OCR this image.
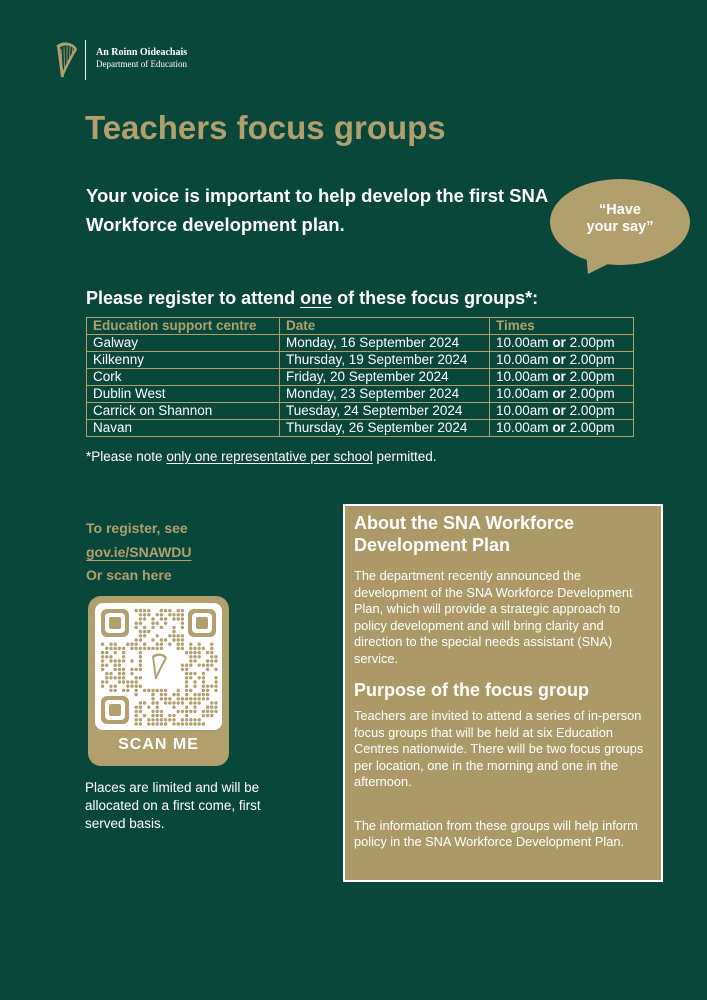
An Roinn Oideachais
Department of Education
Teachers focus groups

Your voice is important to help develop the first SNA Workforce development plan.

“Have
your say”
Please register to attend one of these focus groups*:
Education support centre	Date	Times
Galway	Monday, 16 September 2024	10.00am or 2.00pm
Kilkenny	Thursday, 19 September 2024	10.00am or 2.00pm
Cork	Friday, 20 September 2024	10.00am or 2.00pm
Dublin West	Monday, 23 September 2024	10.00am or 2.00pm
Carrick on Shannon	Tuesday, 24 September 2024	10.00am or 2.00pm
Navan	Thursday, 26 September 2024	10.00am or 2.00pm
*Please note only one representative per school permitted.
To register, see
gov.ie/SNAWDU
Or scan here
SCAN ME

Places are limited and will be allocated on a first come, first served basis.

About the SNA Workforce Development Plan

The department recently announced the development of the SNA Workforce Development Plan, which will provide a strategic approach to policy development and will bring clarity and direction to the special needs assistant (SNA) service.

Purpose of the focus group

Teachers are invited to attend a series of in-person focus groups that will be held at six Education Centres nationwide. There will be two focus groups per location, one in the morning and one in the afternoon.

The information from these groups will help inform policy in the SNA Workforce Development Plan.
